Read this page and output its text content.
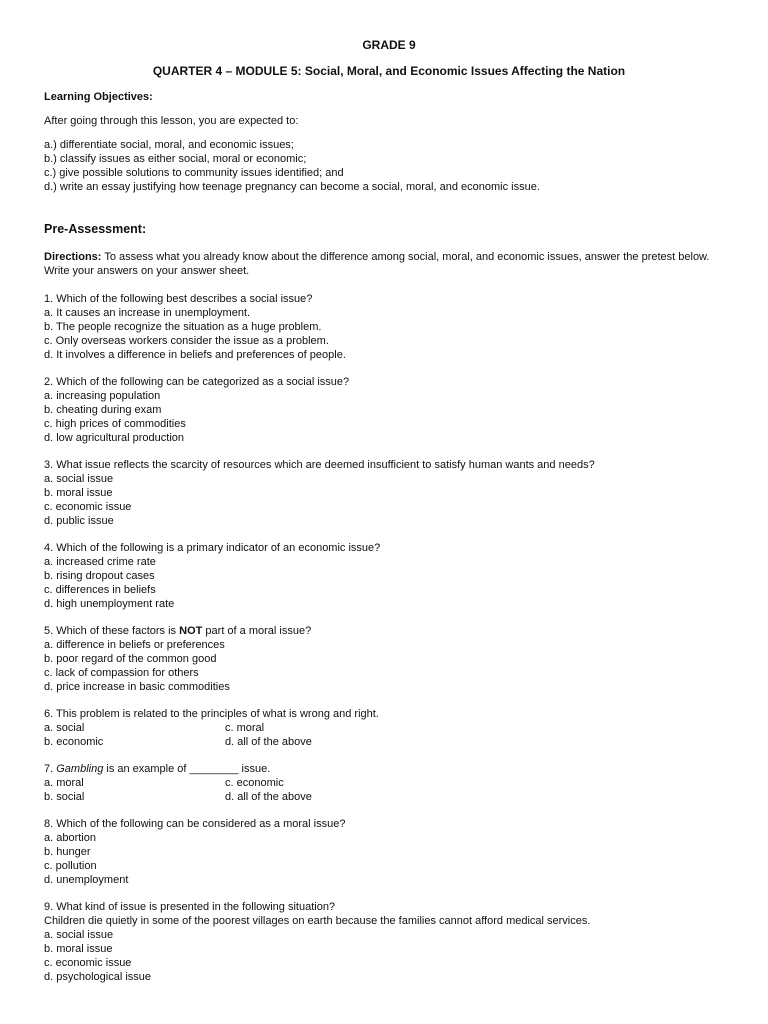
GRADE 9
QUARTER 4 – MODULE 5: Social, Moral, and Economic Issues Affecting the Nation

Learning Objectives:

After going through this lesson, you are expected to:

a.) differentiate social, moral, and economic issues;

b.) classify issues as either social, moral or economic;

c.) give possible solutions to community issues identified; and

d.) write an essay justifying how teenage pregnancy can become a social, moral, and economic issue.

Pre-Assessment:

Directions: To assess what you already know about the difference among social, moral, and economic issues, answer the pretest below.

Write your answers on your answer sheet.

1. Which of the following best describes a social issue?

a. It causes an increase in unemployment.

b. The people recognize the situation as a huge problem.

c. Only overseas workers consider the issue as a problem.

d. It involves a difference in beliefs and preferences of people.

2. Which of the following can be categorized as a social issue?

a. increasing population

b. cheating during exam

c. high prices of commodities

d. low agricultural production

3. What issue reflects the scarcity of resources which are deemed insufficient to satisfy human wants and needs?

a. social issue

b. moral issue

c. economic issue

d. public issue

4. Which of the following is a primary indicator of an economic issue?

a. increased crime rate

b. rising dropout cases

c. differences in beliefs

d. high unemployment rate

5. Which of these factors is NOT part of a moral issue?

a. difference in beliefs or preferences

b. poor regard of the common good

c. lack of compassion for others

d. price increase in basic commodities

6. This problem is related to the principles of what is wrong and right.

a. social	c. moral
b. economic	d. all of the above

7. Gambling is an example of ________ issue.

a. moral	c. economic
b. social	d. all of the above

8. Which of the following can be considered as a moral issue?

a. abortion

b. hunger

c. pollution

d. unemployment

9. What kind of issue is presented in the following situation?

Children die quietly in some of the poorest villages on earth because the families cannot afford medical services.

a. social issue

b. moral issue

c. economic issue

d. psychological issue
